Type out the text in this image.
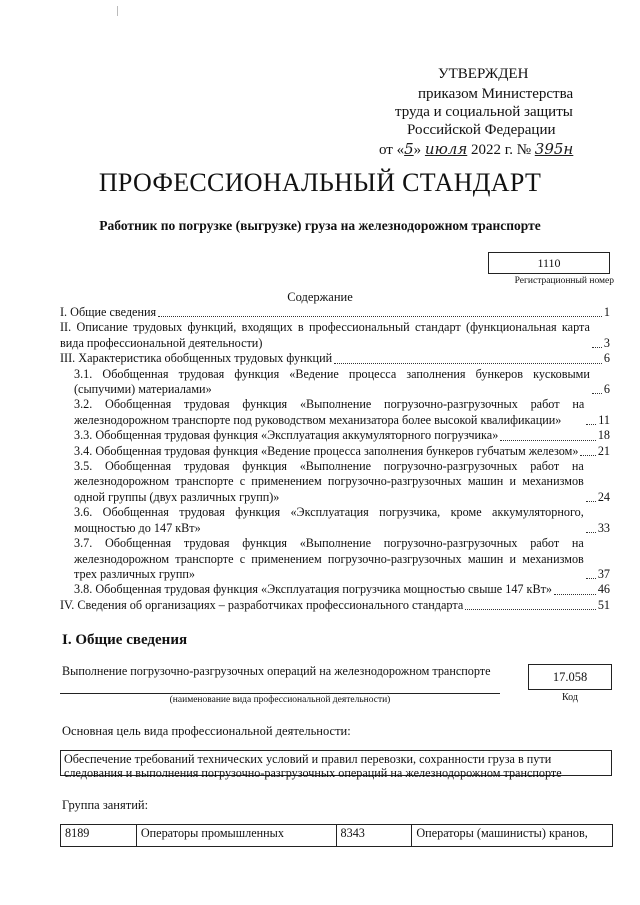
УТВЕРЖДЕН
приказом Министерства
труда и социальной защиты
Российской Федерации
от «5» июля 2022 г. № 395н
ПРОФЕССИОНАЛЬНЫЙ СТАНДАРТ
Работник по погрузке (выгрузке) груза на железнодорожном транспорте
1110
Регистрационный номер
Содержание
I. Общие сведения	1
II. Описание трудовых функций, входящих в профессиональный стандарт (функциональная карта вида профессиональной деятельности)	3
III. Характеристика обобщенных трудовых функций	6
3.1. Обобщенная трудовая функция «Ведение процесса заполнения бункеров кусковыми (сыпучими) материалами»	6
3.2. Обобщенная трудовая функция «Выполнение погрузочно-разгрузочных работ на железнодорожном транспорте под руководством механизатора более высокой квалификации»	11
3.3. Обобщенная трудовая функция «Эксплуатация аккумуляторного погрузчика»	18
3.4. Обобщенная трудовая функция «Ведение процесса заполнения бункеров губчатым железом» 21
3.5. Обобщенная трудовая функция «Выполнение погрузочно-разгрузочных работ на железнодорожном транспорте с применением погрузочно-разгрузочных машин и механизмов одной группы (двух различных групп)»	24
3.6. Обобщенная трудовая функция «Эксплуатация погрузчика, кроме аккумуляторного, мощностью до 147 кВт»	33
3.7. Обобщенная трудовая функция «Выполнение погрузочно-разгрузочных работ на железнодорожном транспорте с применением погрузочно-разгрузочных машин и механизмов трех различных групп»	37
3.8. Обобщенная трудовая функция «Эксплуатация погрузчика мощностью свыше 147 кВт»	46
IV. Сведения об организациях – разработчиках профессионального стандарта	51
I. Общие сведения
Выполнение погрузочно-разгрузочных операций на железнодорожном транспорте
(наименование вида профессиональной деятельности)
17.058
Код
Основная цель вида профессиональной деятельности:
Обеспечение требований технических условий и правил перевозки, сохранности груза в пути следования и выполнения погрузочно-разгрузочных операций на железнодорожном транспорте
Группа занятий:
8189	Операторы промышленных	8343	Операторы (машинисты) кранов,
